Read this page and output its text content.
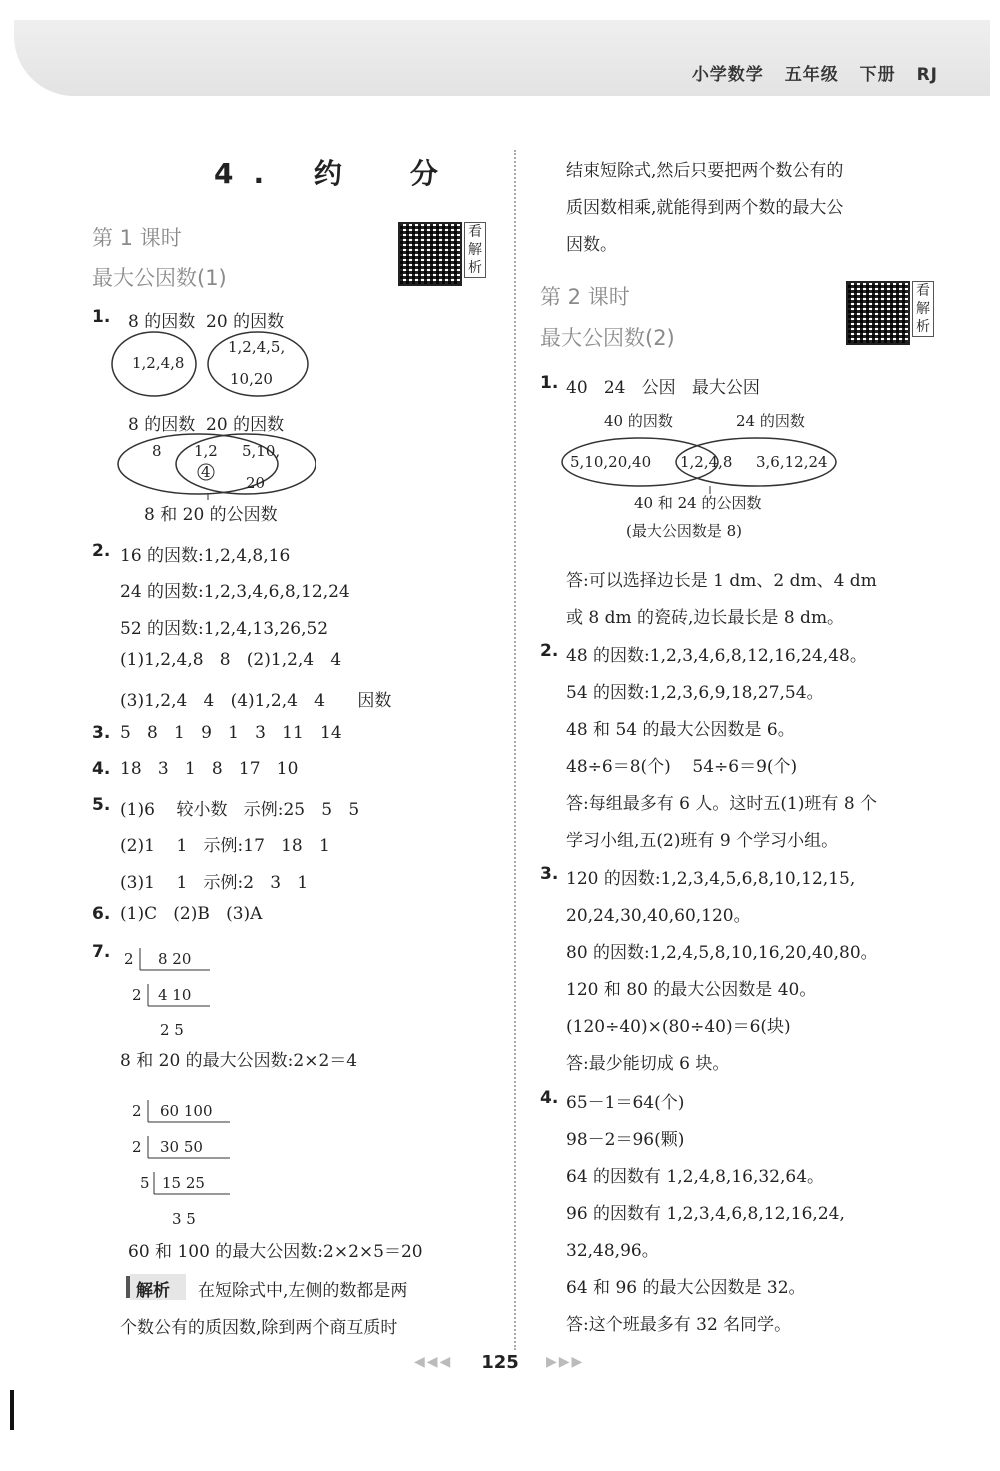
小学数学 五年级 下册 RJ
4. 约　分
第 1 课时
最大公因数(1)
看解析
1. 8 的因数  20 的因数
1,2,4,8
1,2,4,5,
10,20
8 的因数  20 的因数
8 1,2
4
5,10,
20
8 和 20 的公因数
2. 16 的因数:1,2,4,8,16
24 的因数:1,2,3,4,6,8,12,24
52 的因数:1,2,4,13,26,52
(1)1,2,4,8   8   (2)1,2,4   4
(3)1,2,4   4   (4)1,2,4   4      因数
3. 5   8   1   9   1   3   11   14
4. 18   3   1   8   17   10
5. (1)6    较小数   示例:25   5   5
(2)1    1   示例:17   18   1
(3)1    1   示例:2   3   1
6. (1)C   (2)B   (3)A
7. 2 8 20
2 4 10
2 5
8 和 20 的最大公因数:2×2＝4
2 60 100
2 30 50
5 15 25
3 5
60 和 100 的最大公因数:2×2×5＝20
解析 在短除式中,左侧的数都是两
个数公有的质因数,除到两个商互质时
结束短除式,然后只要把两个数公有的
质因数相乘,就能得到两个数的最大公
因数。
第 2 课时
最大公因数(2)
看解析
1. 40   24   公因   最大公因
40 的因数	24 的因数
5,10,20,40 1,2,4,8 3,6,12,24
40 和 24 的公因数
(最大公因数是 8)
答:可以选择边长是 1 dm、2 dm、4 dm
或 8 dm 的瓷砖,边长最长是 8 dm。
2. 48 的因数:1,2,3,4,6,8,12,16,24,48。
54 的因数:1,2,3,6,9,18,27,54。
48 和 54 的最大公因数是 6。
48÷6＝8(个)    54÷6＝9(个)
答:每组最多有 6 人。这时五(1)班有 8 个
学习小组,五(2)班有 9 个学习小组。
3. 120 的因数:1,2,3,4,5,6,8,10,12,15,
20,24,30,40,60,120。
80 的因数:1,2,4,5,8,10,16,20,40,80。
120 和 80 的最大公因数是 40。
(120÷40)×(80÷40)＝6(块)
答:最少能切成 6 块。
4. 65－1＝64(个)
98－2＝96(颗)
64 的因数有 1,2,4,8,16,32,64。
96 的因数有 1,2,3,4,6,8,12,16,24,
32,48,96。
64 和 96 的最大公因数是 32。
答:这个班最多有 32 名同学。
◀◀◀	125	▶▶▶
